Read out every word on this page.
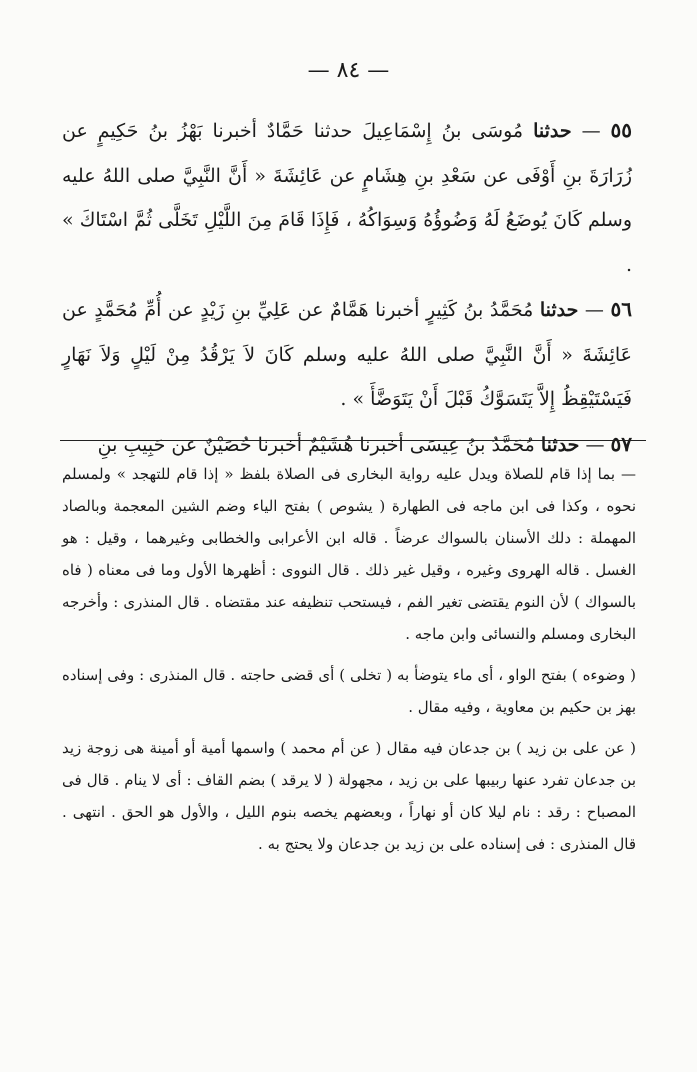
— ٨٤ —

٥٥ — حدثنا مُوسَى بنُ إِسْمَاعِيلَ حدثنا حَمَّادٌ أخبرنا بَهْزُ بنُ حَكِيمٍ عن زُرَارَةَ بنِ أَوْفَى عن سَعْدِ بنِ هِشَامٍ عن عَائِشَةَ « أَنَّ النَّبِيَّ صلى اللهُ عليه وسلم كَانَ يُوضَعُ لَهُ وَضُوؤُهُ وَسِوَاكُهُ ، فَإِذَا قَامَ مِنَ اللَّيْلِ تَخَلَّى ثُمَّ اسْتَاكَ » .

٥٦ — حدثنا مُحَمَّدُ بنُ كَثِيرٍ أخبرنا هَمَّامٌ عن عَلِيِّ بنِ زَيْدٍ عن أُمِّ مُحَمَّدٍ عن عَائِشَةَ « أَنَّ النَّبِيَّ صلى اللهُ عليه وسلم كَانَ لاَ يَرْقُدُ مِنْ لَيْلٍ وَلاَ نَهَارٍ فَيَسْتَيْقِظُ إِلاَّ يَتَسَوَّكُ قَبْلَ أَنْ يَتَوَضَّأَ » .

٥٧ — حدثنا مُحَمَّدُ بنُ عِيسَى أخبرنا هُشَيْمٌ أخبرنا حُصَيْنٌ عن حَبِيبِ بنِ

— بما إذا قام للصلاة ويدل عليه رواية البخارى فى الصلاة بلفظ « إذا قام للتهجد » ولمسلم نحوه ، وكذا فى ابن ماجه فى الطهارة ( يشوص ) بفتح الياء وضم الشين المعجمة وبالصاد المهملة : دلك الأسنان بالسواك عرضاً . قاله ابن الأعرابى والخطابى وغيرهما ، وقيل : هو الغسل . قاله الهروى وغيره ، وقيل غير ذلك . قال النووى : أظهرها الأول وما فى معناه ( فاه بالسواك ) لأن النوم يقتضى تغير الفم ، فيستحب تنظيفه عند مقتضاه . قال المنذرى : وأخرجه البخارى ومسلم والنسائى وابن ماجه .

( وضوءه ) بفتح الواو ، أى ماء يتوضأ به ( تخلى ) أى قضى حاجته . قال المنذرى : وفى إسناده بهز بن حكيم بن معاوية ، وفيه مقال .

( عن على بن زيد ) بن جدعان فيه مقال ( عن أم محمد ) واسمها أمية أو أمينة هى زوجة زيد بن جدعان تفرد عنها ربيبها على بن زيد ، مجهولة ( لا يرقد ) بضم القاف : أى لا ينام . قال فى المصباح : رقد : نام ليلا كان أو نهاراً ، وبعضهم يخصه بنوم الليل ، والأول هو الحق . انتهى . قال المنذرى : فى إسناده على بن زيد بن جدعان ولا يحتج به .
